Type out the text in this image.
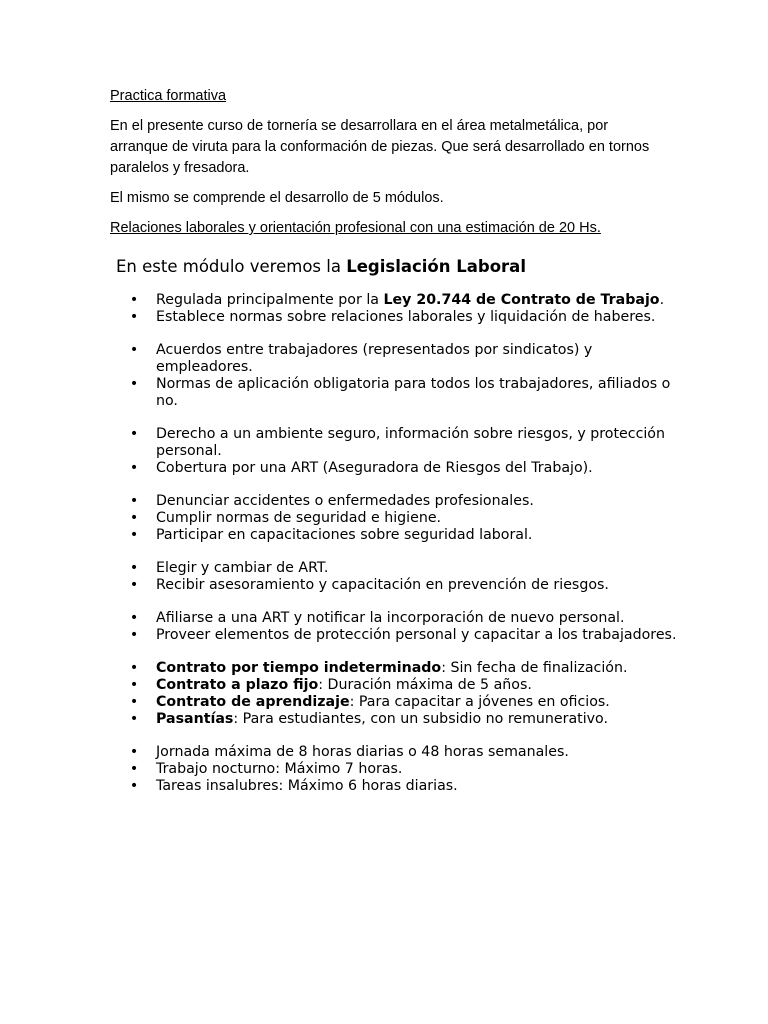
Practica formativa

En el presente curso de tornería se desarrollara en el área metalmetálica, por arranque de viruta para la conformación de piezas. Que será desarrollado en tornos paralelos y fresadora.

El mismo se comprende el desarrollo de 5 módulos.

Relaciones laborales y orientación profesional con una estimación de 20 Hs.

En este módulo veremos la Legislación Laboral
• Regulada principalmente por la Ley 20.744 de Contrato de Trabajo.
• Establece normas sobre relaciones laborales y liquidación de haberes.
• Acuerdos entre trabajadores (representados por sindicatos) y empleadores.
• Normas de aplicación obligatoria para todos los trabajadores, afiliados o no.
• Derecho a un ambiente seguro, información sobre riesgos, y protección personal.
• Cobertura por una ART (Aseguradora de Riesgos del Trabajo).
• Denunciar accidentes o enfermedades profesionales.
• Cumplir normas de seguridad e higiene.
• Participar en capacitaciones sobre seguridad laboral.
• Elegir y cambiar de ART.
• Recibir asesoramiento y capacitación en prevención de riesgos.
• Afiliarse a una ART y notificar la incorporación de nuevo personal.
• Proveer elementos de protección personal y capacitar a los trabajadores.
• Contrato por tiempo indeterminado: Sin fecha de finalización.
• Contrato a plazo fijo: Duración máxima de 5 años.
• Contrato de aprendizaje: Para capacitar a jóvenes en oficios.
• Pasantías: Para estudiantes, con un subsidio no remunerativo.
• Jornada máxima de 8 horas diarias o 48 horas semanales.
• Trabajo nocturno: Máximo 7 horas.
• Tareas insalubres: Máximo 6 horas diarias.
